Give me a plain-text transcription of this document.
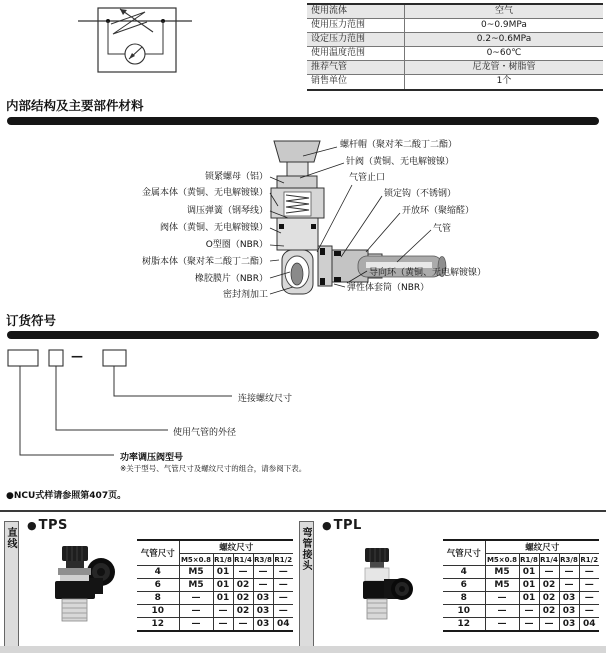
使用流体	空气
使用压力范围	0~0.9MPa
设定压力范围	0.2~0.6MPa
使用温度范围	0~60℃
推荐气管	尼龙管・树脂管
销售单位	1个
内部结构及主要部件材料
锁紧螺母（铝）
金属本体（黄铜、无电解镀镍）
调压弹簧（钢琴线）
阀体（黄铜、无电解镀镍）
O型圈（NBR）
树脂本体（聚对苯二酸丁二酯）
橡胶膜片（NBR）
密封剂加工
螺杆帽（聚对苯二酸丁二酯）
针阀（黄铜、无电解镀镍）
气管止口
锁定钩（不锈钢）
开放环（聚缩醛）
气管
导向环（黄铜、无电解镀镍）
弹性体套筒（NBR）
订货符号
—
连接螺纹尺寸
使用气管的外径
功率调压阀型号
※关于型号、气管尺寸及螺纹尺寸的组合，请参阅下表。
●NCU式样请参照第407页。
直线
● TPS
气管尺寸	螺纹尺寸				
	M5×0.8	R1/8	R1/4	R3/8	R1/2
4	M5	01	—	—	—
6	M5	01	02	—	—
8	—	01	02	03	—
10	—	—	02	03	—
12	—	—	—	03	04
弯管接头
● TPL
气管尺寸	螺纹尺寸				
	M5×0.8	R1/8	R1/4	R3/8	R1/2
4	M5	01	—	—	—
6	M5	01	02	—	—
8	—	01	02	03	—
10	—	—	02	03	—
12	—	—	—	03	04
